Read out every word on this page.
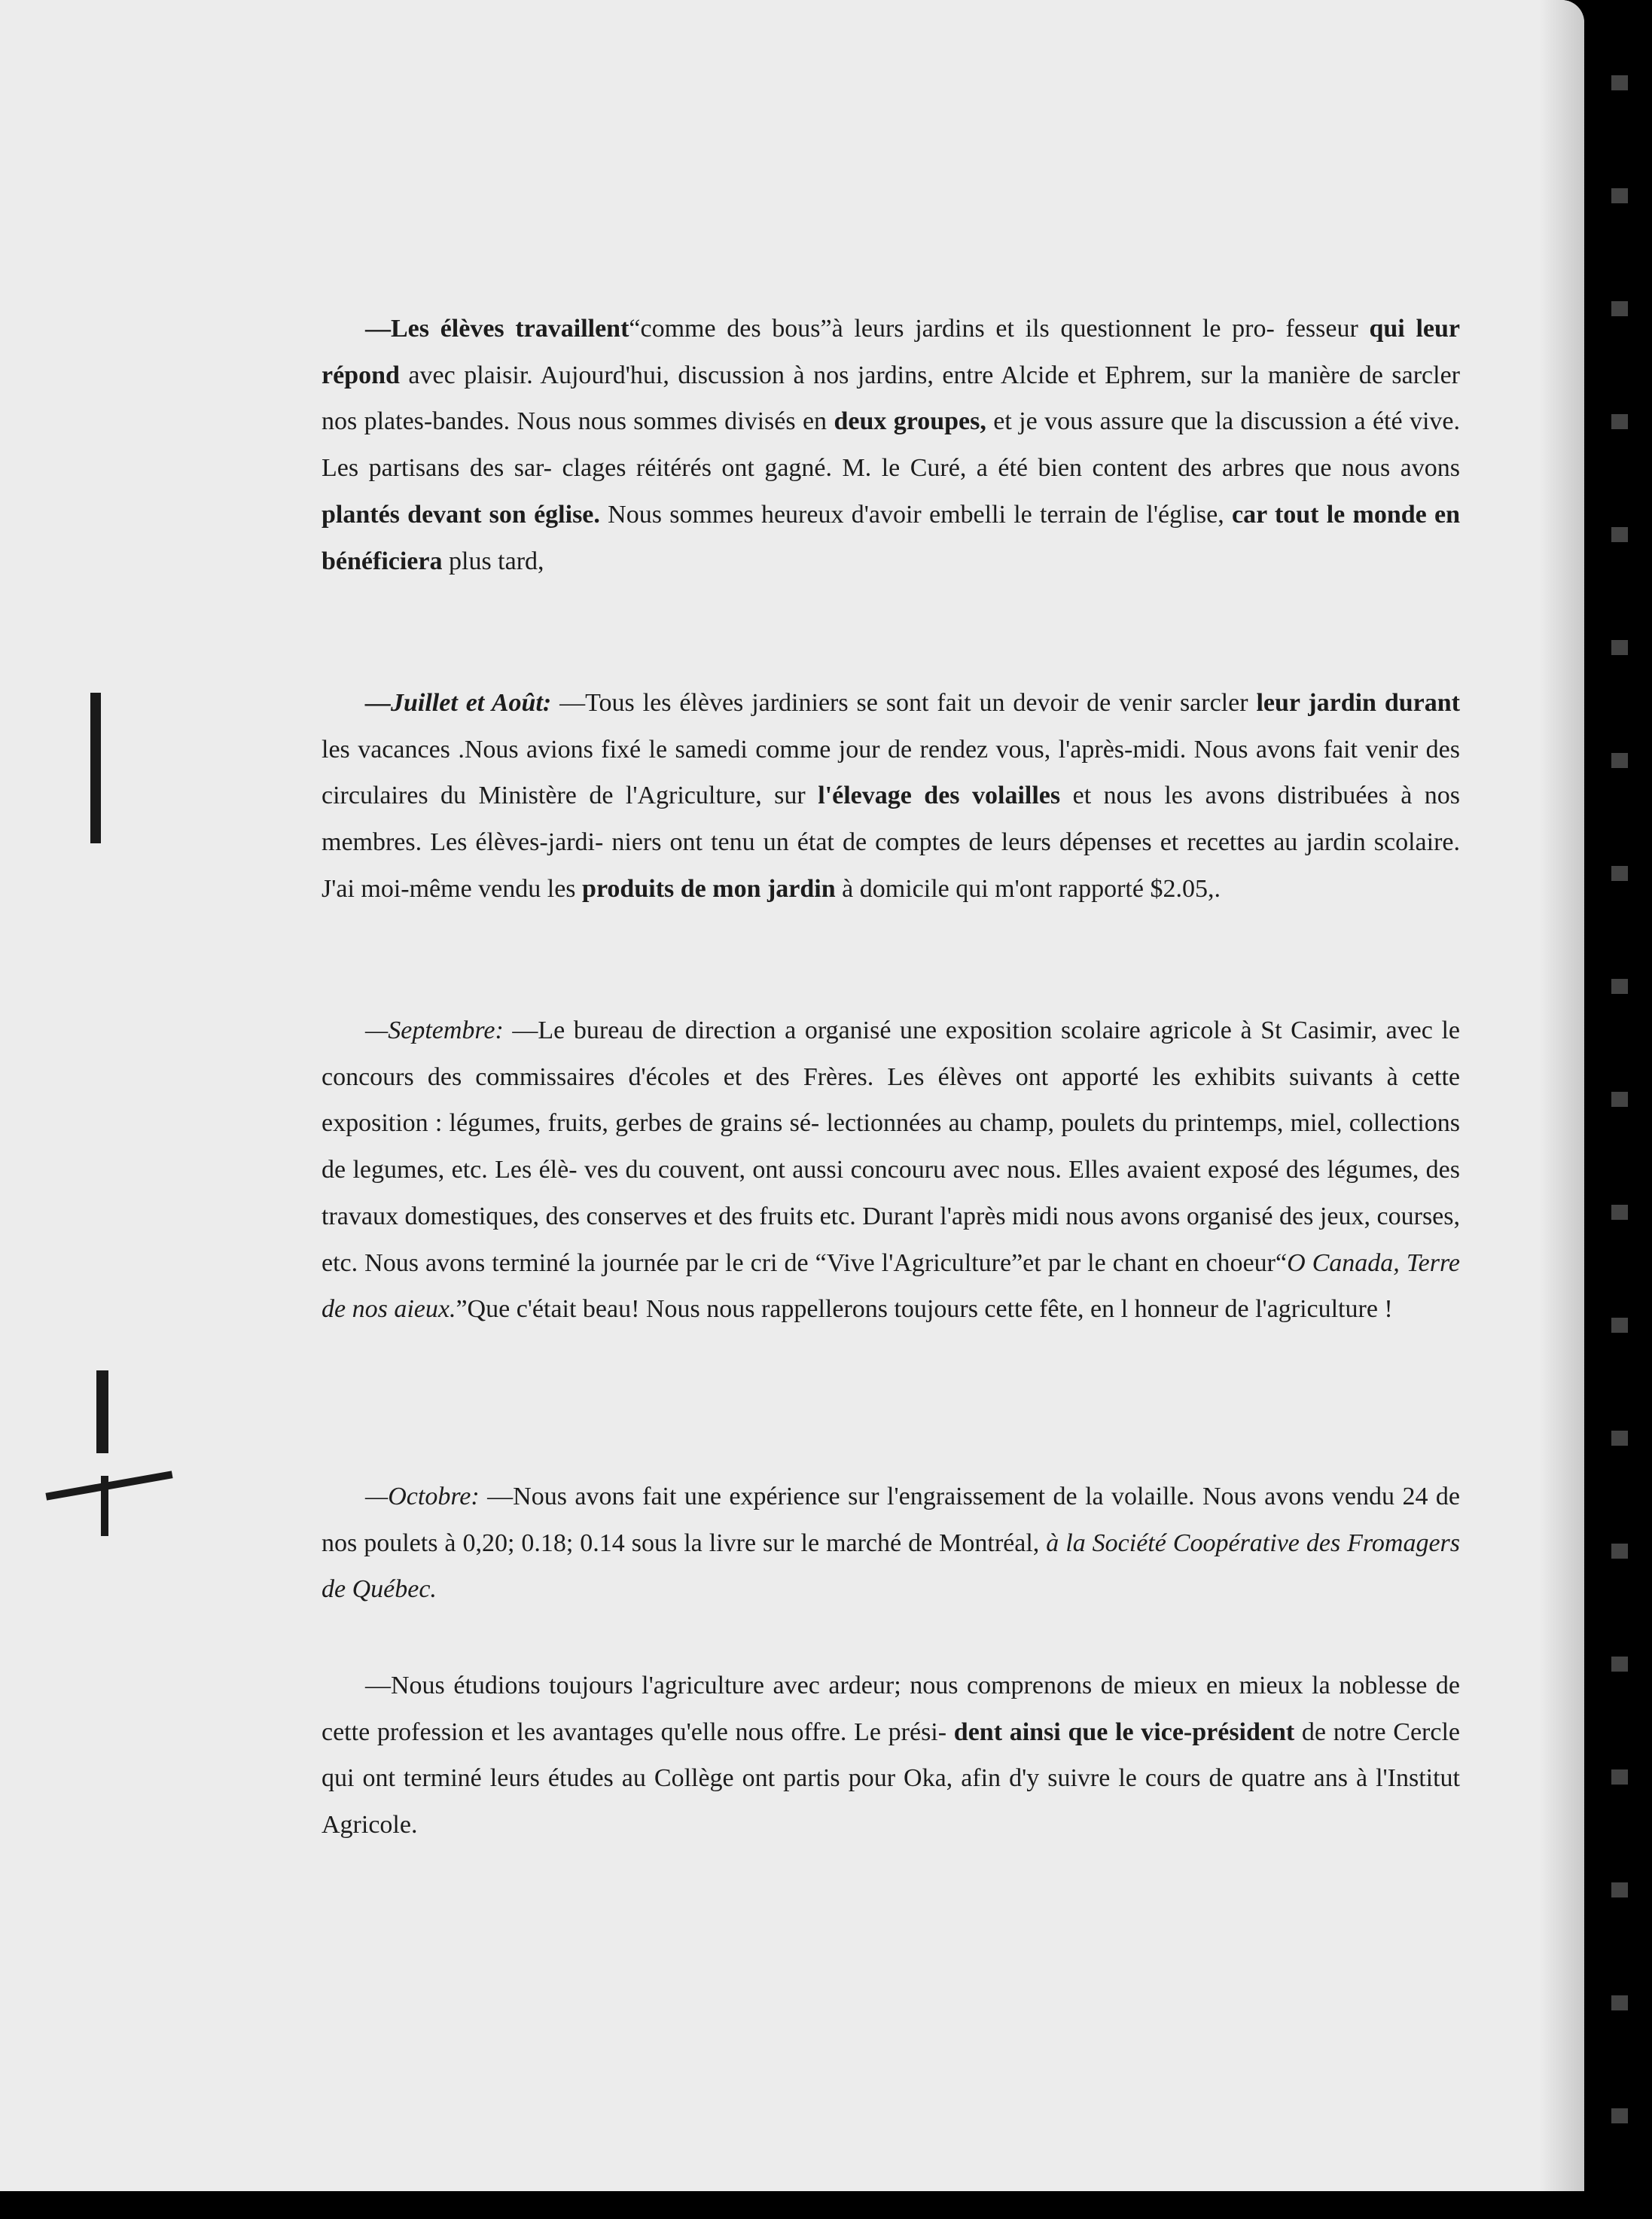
—Les élèves travaillent“comme des bous”à leurs jardins et ils questionnent le pro- fesseur qui leur répond avec plaisir. Aujourd'hui, discussion à nos jardins, entre Alcide et Ephrem, sur la manière de sarcler nos plates-bandes. Nous nous sommes divisés en deux groupes, et je vous assure que la discussion a été vive. Les partisans des sar- clages réitérés ont gagné. M. le Curé, a été bien content des arbres que nous avons plantés devant son église. Nous sommes heureux d'avoir embelli le terrain de l'église, car tout le monde en bénéficiera plus tard,

—Juillet et Août: —Tous les élèves jardiniers se sont fait un devoir de venir sarcler leur jardin durant les vacances .Nous avions fixé le samedi comme jour de rendez vous, l'après-midi. Nous avons fait venir des circulaires du Ministère de l'Agriculture, sur l'élevage des volailles et nous les avons distribuées à nos membres. Les élèves-jardi- niers ont tenu un état de comptes de leurs dépenses et recettes au jardin scolaire. J'ai moi-même vendu les produits de mon jardin à domicile qui m'ont rapporté $2.05,.

—Septembre: —Le bureau de direction a organisé une exposition scolaire agricole à St Casimir, avec le concours des commissaires d'écoles et des Frères. Les élèves ont apporté les exhibits suivants à cette exposition : légumes, fruits, gerbes de grains sé- lectionnées au champ, poulets du printemps, miel, collections de legumes, etc. Les élè- ves du couvent, ont aussi concouru avec nous. Elles avaient exposé des légumes, des travaux domestiques, des conserves et des fruits etc. Durant l'après midi nous avons organisé des jeux, courses, etc. Nous avons terminé la journée par le cri de “Vive l'Agriculture”et par le chant en choeur“O Canada, Terre de nos aieux.”Que c'était beau! Nous nous rappellerons toujours cette fête, en l honneur de l'agriculture !

—Octobre: —Nous avons fait une expérience sur l'engraissement de la volaille. Nous avons vendu 24 de nos poulets à 0,20; 0.18; 0.14 sous la livre sur le marché de Montréal, à la Société Coopérative des Fromagers de Québec.

—Nous étudions toujours l'agriculture avec ardeur; nous comprenons de mieux en mieux la noblesse de cette profession et les avantages qu'elle nous offre. Le prési- dent ainsi que le vice-président de notre Cercle qui ont terminé leurs études au Collège ont partis pour Oka, afin d'y suivre le cours de quatre ans à l'Institut Agricole.
